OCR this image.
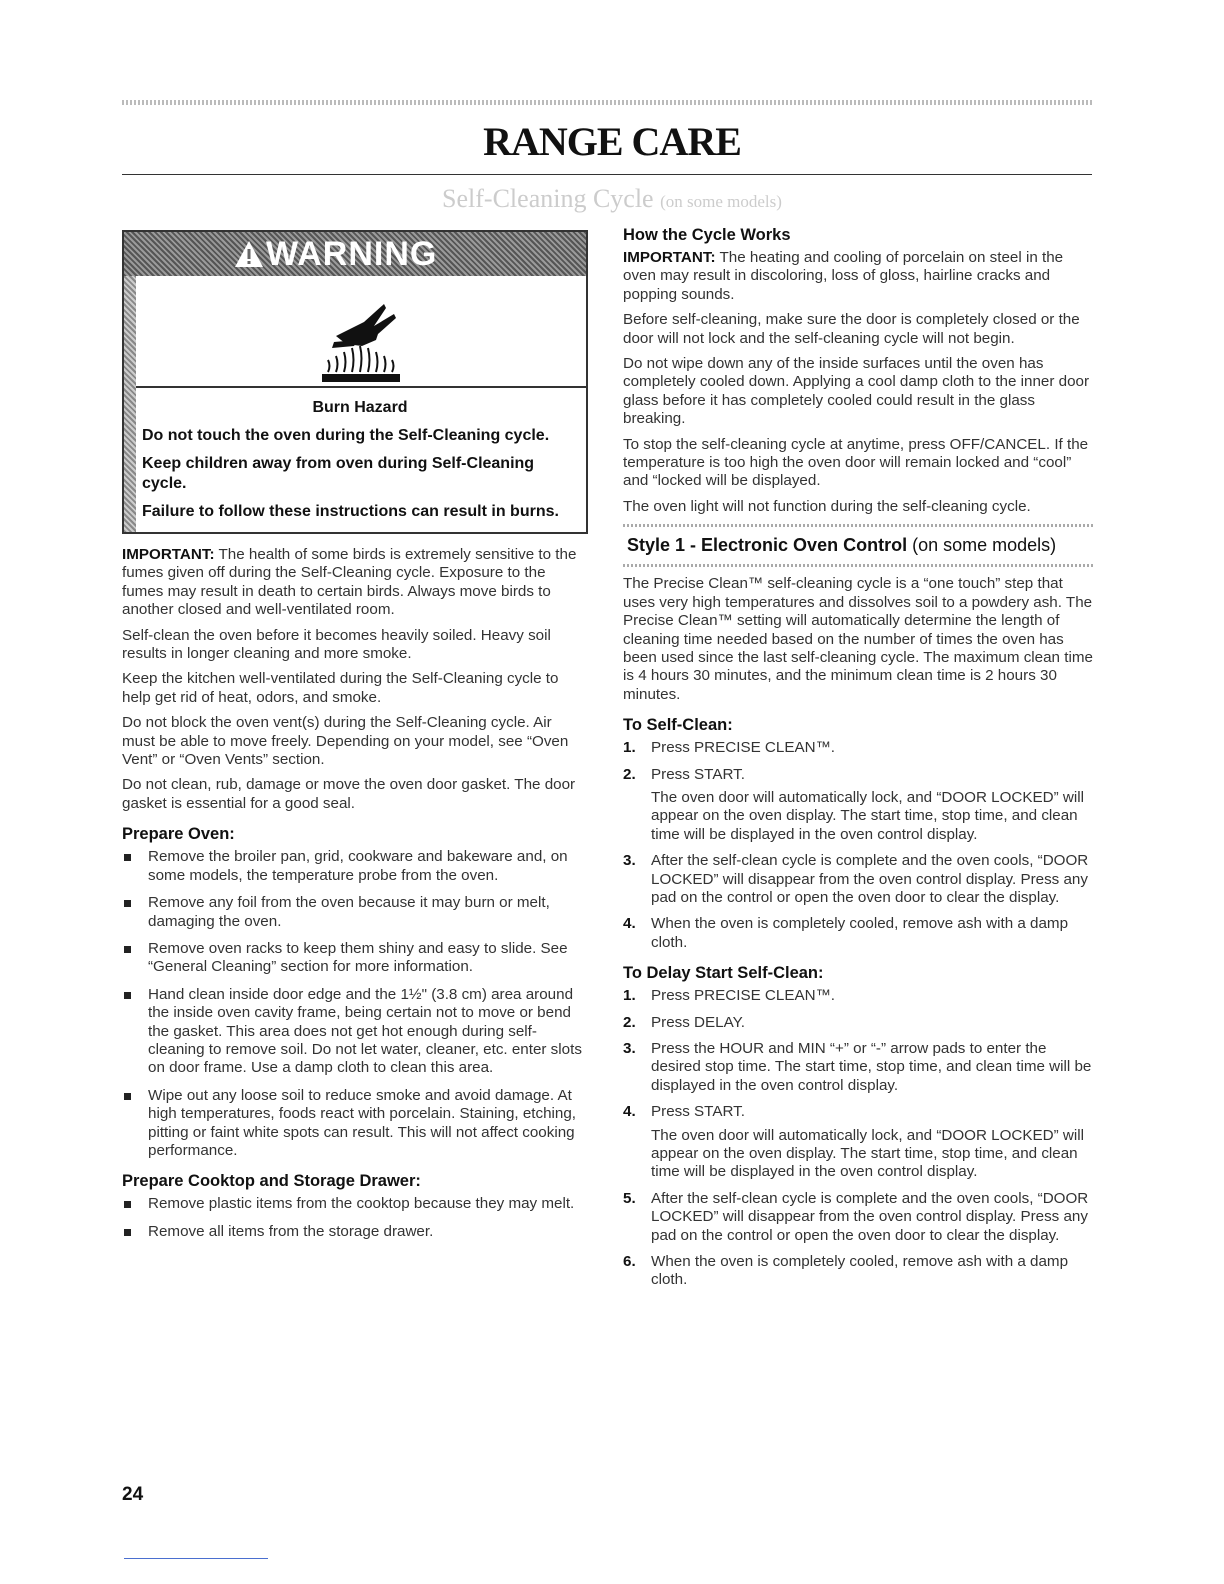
RANGE CARE
Self-Cleaning Cycle (on some models)
WARNING

Burn Hazard

Do not touch the oven during the Self-Cleaning cycle.

Keep children away from oven during Self-Cleaning cycle.

Failure to follow these instructions can result in burns.

IMPORTANT: The health of some birds is extremely sensitive to the fumes given off during the Self-Cleaning cycle. Exposure to the fumes may result in death to certain birds. Always move birds to another closed and well-ventilated room.

Self-clean the oven before it becomes heavily soiled. Heavy soil results in longer cleaning and more smoke.

Keep the kitchen well-ventilated during the Self-Cleaning cycle to help get rid of heat, odors, and smoke.

Do not block the oven vent(s) during the Self-Cleaning cycle. Air must be able to move freely. Depending on your model, see “Oven Vent” or “Oven Vents” section.

Do not clean, rub, damage or move the oven door gasket. The door gasket is essential for a good seal.

Prepare Oven:
Remove the broiler pan, grid, cookware and bakeware and, on some models, the temperature probe from the oven.
Remove any foil from the oven because it may burn or melt, damaging the oven.
Remove oven racks to keep them shiny and easy to slide. See “General Cleaning” section for more information.
Hand clean inside door edge and the 1½" (3.8 cm) area around the inside oven cavity frame, being certain not to move or bend the gasket. This area does not get hot enough during self-cleaning to remove soil. Do not let water, cleaner, etc. enter slots on door frame. Use a damp cloth to clean this area.
Wipe out any loose soil to reduce smoke and avoid damage. At high temperatures, foods react with porcelain. Staining, etching, pitting or faint white spots can result. This will not affect cooking performance.
Prepare Cooktop and Storage Drawer:
Remove plastic items from the cooktop because they may melt.
Remove all items from the storage drawer.
How the Cycle Works

IMPORTANT: The heating and cooling of porcelain on steel in the oven may result in discoloring, loss of gloss, hairline cracks and popping sounds.

Before self-cleaning, make sure the door is completely closed or the door will not lock and the self-cleaning cycle will not begin.

Do not wipe down any of the inside surfaces until the oven has completely cooled down. Applying a cool damp cloth to the inner door glass before it has completely cooled could result in the glass breaking.

To stop the self-cleaning cycle at anytime, press OFF/CANCEL. If the temperature is too high the oven door will remain locked and “cool” and “locked will be displayed.

The oven light will not function during the self-cleaning cycle.

Style 1 - Electronic Oven Control (on some models)

The Precise Clean™ self-cleaning cycle is a “one touch” step that uses very high temperatures and dissolves soil to a powdery ash. The Precise Clean™ setting will automatically determine the length of cleaning time needed based on the number of times the oven has been used since the last self-cleaning cycle. The maximum clean time is 4 hours 30 minutes, and the minimum clean time is 2 hours 30 minutes.

To Self-Clean:
1. Press PRECISE CLEAN™.
2. Press START.
The oven door will automatically lock, and “DOOR LOCKED” will appear on the oven display. The start time, stop time, and clean time will be displayed in the oven control display.
3. After the self-clean cycle is complete and the oven cools, “DOOR LOCKED” will disappear from the oven control display. Press any pad on the control or open the oven door to clear the display.
4. When the oven is completely cooled, remove ash with a damp cloth.
To Delay Start Self-Clean:
1. Press PRECISE CLEAN™.
2. Press DELAY.
3. Press the HOUR and MIN “+” or “-” arrow pads to enter the desired stop time. The start time, stop time, and clean time will be displayed in the oven control display.
4. Press START.
The oven door will automatically lock, and “DOOR LOCKED” will appear on the oven display. The start time, stop time, and clean time will be displayed in the oven control display.
5. After the self-clean cycle is complete and the oven cools, “DOOR LOCKED” will disappear from the oven control display. Press any pad on the control or open the oven door to clear the display.
6. When the oven is completely cooled, remove ash with a damp cloth.
24
